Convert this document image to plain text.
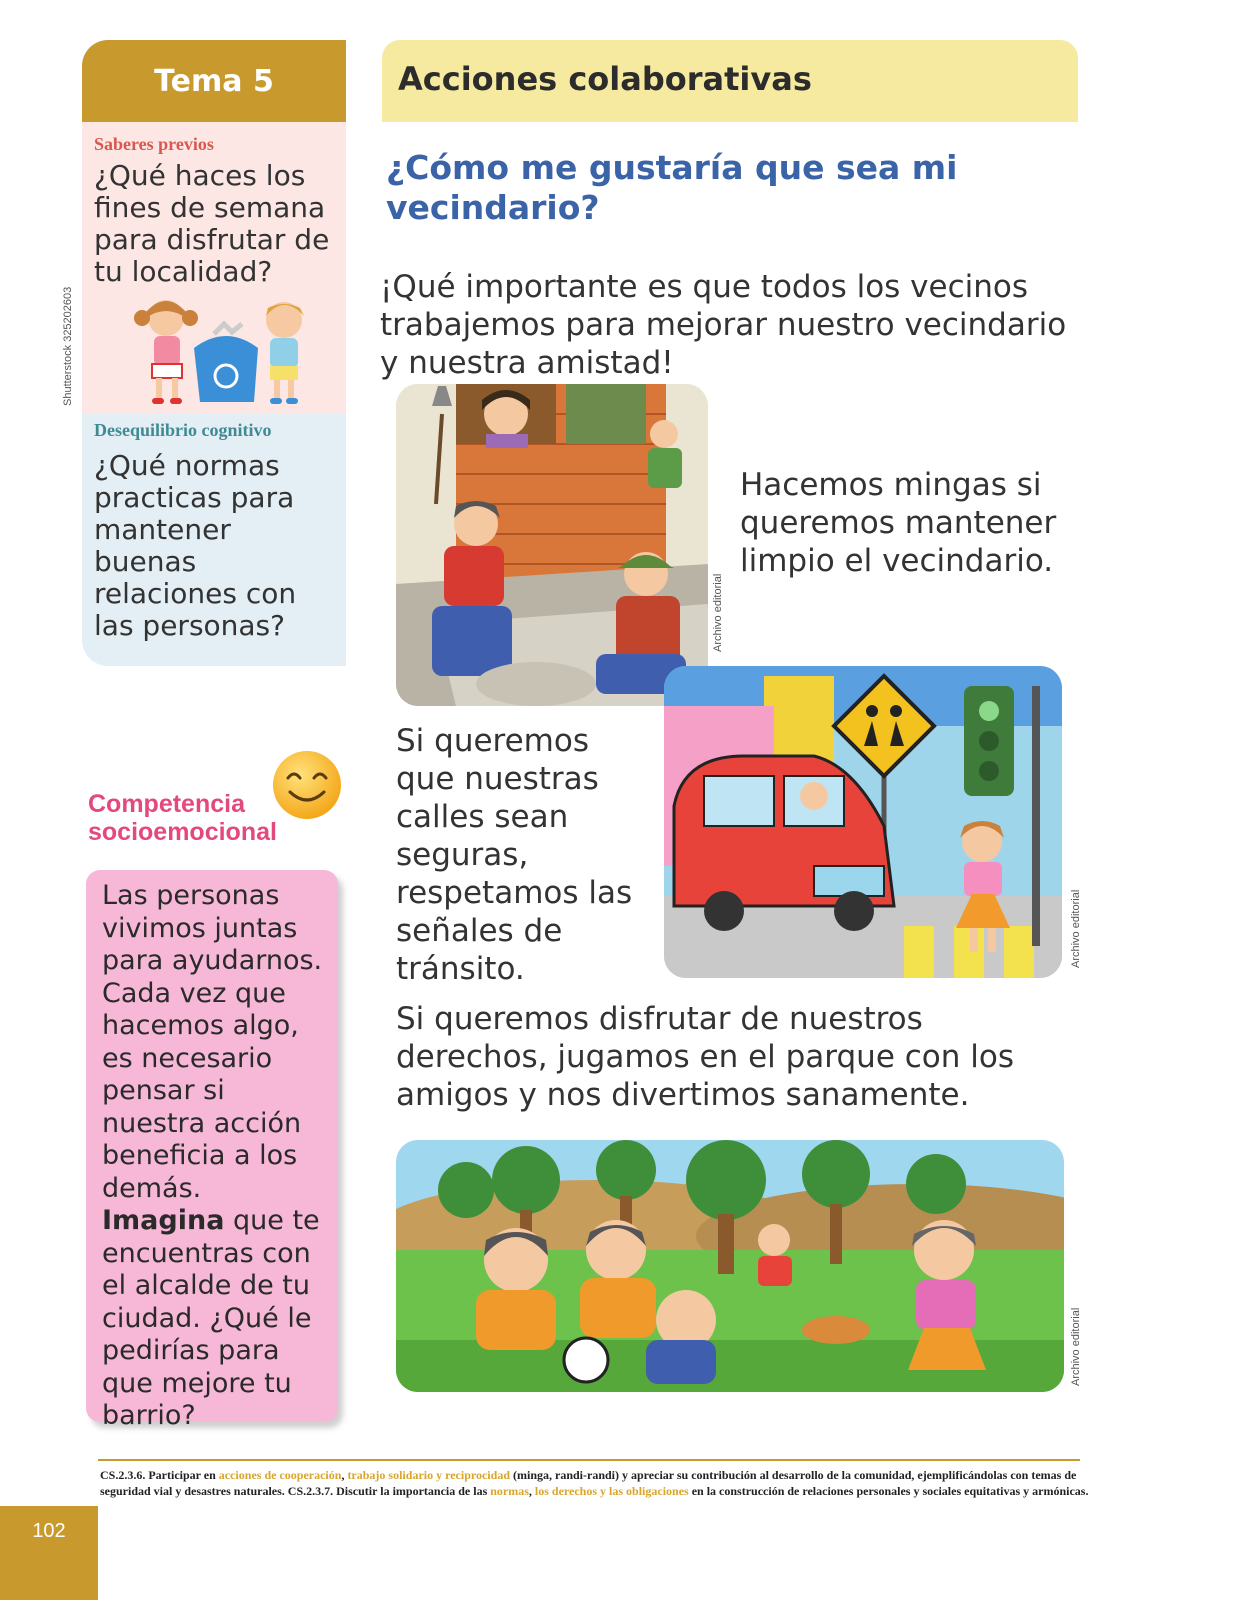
Tema 5
Saberes previos
¿Qué haces los fines de semana para disfrutar de tu localidad?
Shutterstock 325202603
Desequilibrio cognitivo
¿Qué normas practicas para mantener buenas relaciones con las personas?
Competencia
socioemocional

Las personas vivimos juntas para ayudarnos. Cada vez que hacemos algo, es necesario pensar si nuestra acción beneficia a los demás. Imagina que te encuentras con el alcalde de tu ciudad. ¿Qué le pedirías para que mejore tu barrio?

Acciones colaborativas
¿Cómo me gustaría que sea mi vecindario?
¡Qué importante es que todos los vecinos trabajemos para mejorar nuestro vecindario y nuestra amistad!
Archivo editorial
Hacemos mingas si queremos mantener limpio el vecindario.
Archivo editorial
Si queremos que nuestras calles sean seguras, respetamos las señales de tránsito.
Si queremos disfrutar de nuestros derechos, jugamos en el parque con los amigos y nos divertimos sanamente.
Archivo editorial
CS.2.3.6. Participar en acciones de cooperación, trabajo solidario y reciprocidad (minga, randi-randi) y apreciar su contribución al desarrollo de la comunidad, ejemplificándolas con temas de seguridad vial y desastres naturales. CS.2.3.7. Discutir la importancia de las normas, los derechos y las obligaciones en la construcción de relaciones personales y sociales equitativas y armónicas.
102
